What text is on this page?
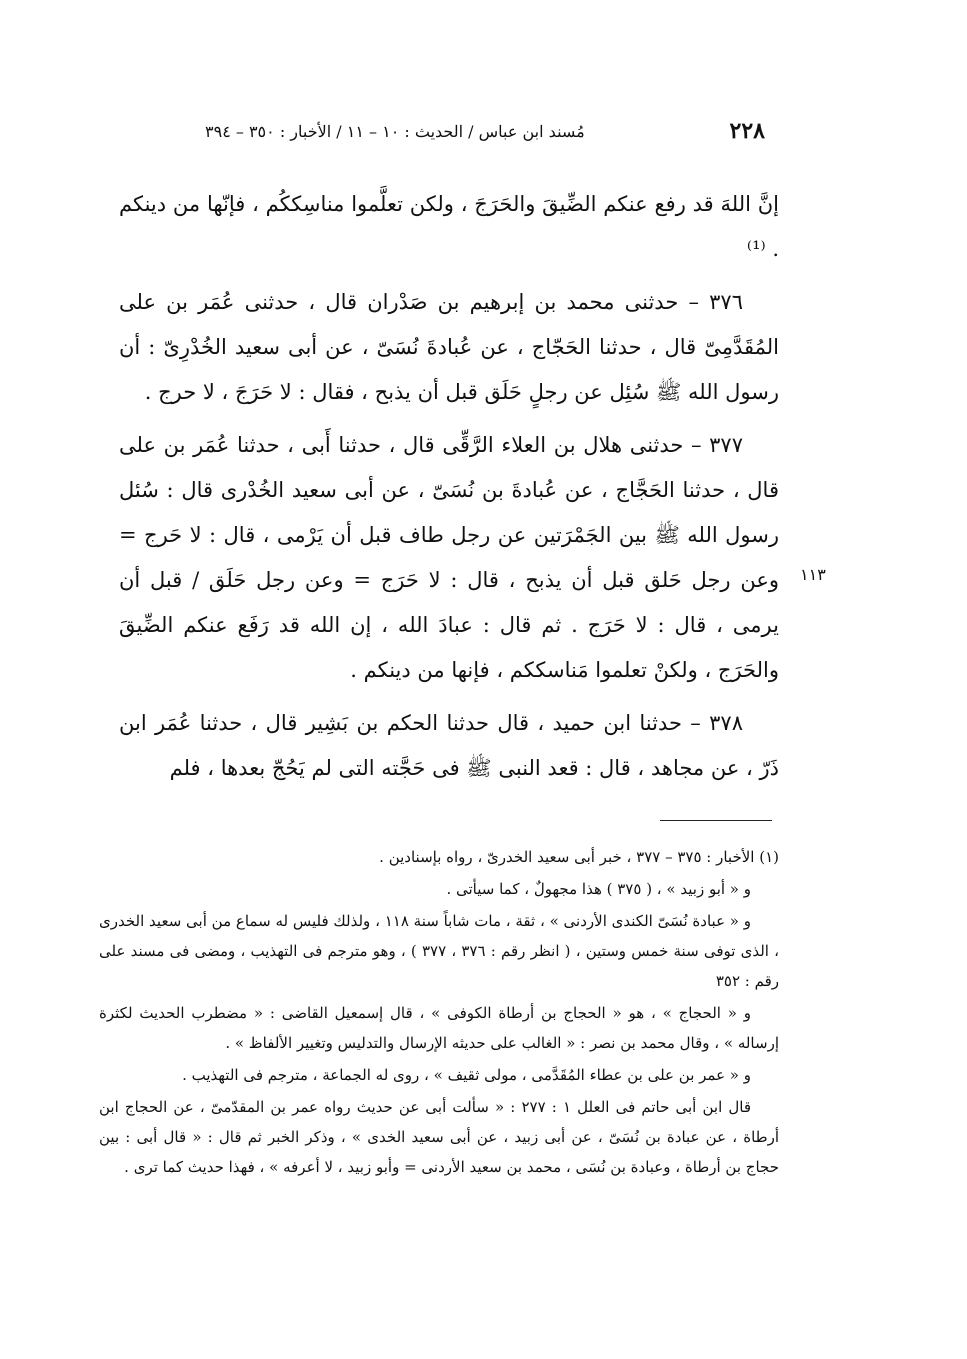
٢٢٨
مُسند ابن عباس / الحديث : ١٠ – ١١ / الأخبار : ٣٥٠ – ٣٩٤

إنَّ اللهَ قد رفع عنكم الضِّيقَ والحَرَجَ ، ولكن تعلَّموا مناسِككُم ، فإنّها من دينكم . ⁽¹⁾

٣٧٦ – حدثنى محمد بن إبرهيم بن صَدْران قال ، حدثنى عُمَر بن على المُقَدَّمِىّ قال ، حدثنا الحَجّاج ، عن عُبادةَ نُسَىّ ، عن أبى سعيد الخُدْرِىّ : أن رسول الله ﷺ سُئِل عن رجلٍ حَلَق قبل أن يذبح ، فقال : لا حَرَجَ ، لا حرج .

٣٧٧ – حدثنى هلال بن العلاء الرَّقِّى قال ، حدثنا أَبى ، حدثنا عُمَر بن على قال ، حدثنا الحَجَّاج ، عن عُبادةَ بن نُسَىّ ، عن أبى سعيد الخُدْرى قال : سُئل رسول الله ﷺ بين الجَمْرَتين عن رجل طاف قبل أن يَرْمى ، قال : لا حَرج = وعن رجل حَلق قبل أن يذبح ، قال : لا حَرَج = وعن رجل حَلَق / قبل أن يرمى ، قال : لا حَرَج . ثم قال : عبادَ الله ، إن الله قد رَفَع عنكم الضِّيقَ والحَرَج ، ولكنْ تعلموا مَناسككم ، فإنها من دينكم .

٣٧٨ – حدثنا ابن حميد ، قال حدثنا الحكم بن بَشِير قال ، حدثنا عُمَر ابن ذَرّ ، عن مجاهد ، قال : قعد النبى ﷺ فى حَجَّته التى لم يَحُجّ بعدها ، فلم

١١٣

(١) الأخبار : ٣٧٥ – ٣٧٧ ، خبر أبى سعيد الخدرىّ ، رواه بإسنادين .

و « أبو زبيد » ، ( ٣٧٥ ) هذا مجهولٌ ، كما سيأتى .

و « عبادة نُسَىّ الكندى الأردنى » ، ثقة ، مات شاباً سنة ١١٨ ، ولذلك فليس له سماع من أبى سعيد الخدرى ، الذى توفى سنة خمس وستين ، ( انظر رقم : ٣٧٦ ، ٣٧٧ ) ، وهو مترجم فى التهذيب ، ومضى فى مسند على رقم : ٣٥٢

و « الحجاج » ، هو « الحجاج بن أرطاة الكوفى » ، قال إسمعيل القاضى : « مضطرب الحديث لكثرة إرساله » ، وقال محمد بن نصر : « الغالب على حديثه الإرسال والتدليس وتغيير الألفاظ » .

و « عمر بن على بن عطاء المُقَدَّمى ، مولى ثقيف » ، روى له الجماعة ، مترجم فى التهذيب .

قال ابن أبى حاتم فى العلل ١ : ٢٧٧ : « سألت أبى عن حديث رواه عمر بن المقدّمىّ ، عن الحجاج ابن أرطاة ، عن عبادة بن نُسَىّ ، عن أبى زبيد ، عن أبى سعيد الخدى » ، وذكر الخبر ثم قال : « قال أبى : بين حجاج بن أرطاة ، وعبادة بن نُسَى ، محمد بن سعيد الأردنى = وأبو زبيد ، لا أعرفه » ، فهذا حديث كما ترى .
